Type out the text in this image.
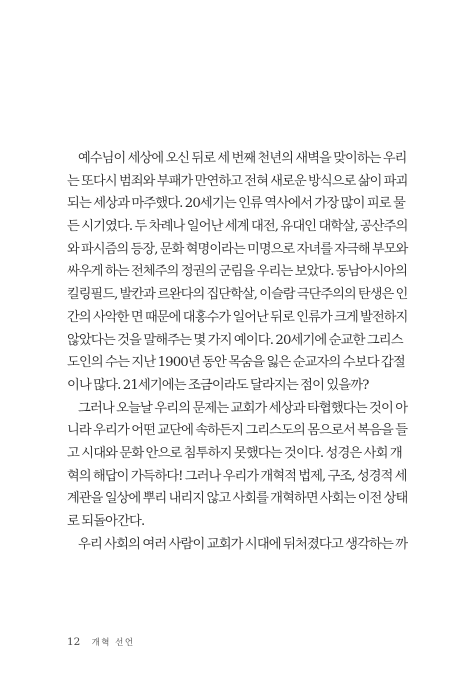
예수님이 세상에 오신 뒤로 세 번째 천년의 새벽을 맞이하는 우리
는 또다시 범죄와 부패가 만연하고 전혀 새로운 방식으로 삶이 파괴
되는 세상과 마주했다. 20세기는 인류 역사에서 가장 많이 피로 물
든 시기였다. 두 차례나 일어난 세계 대전, 유대인 대학살, 공산주의
와 파시즘의 등장, 문화 혁명이라는 미명으로 자녀를 자극해 부모와
싸우게 하는 전체주의 정권의 군림을 우리는 보았다. 동남아시아의
킬링필드, 발칸과 르완다의 집단학살, 이슬람 극단주의의 탄생은 인
간의 사악한 면 때문에 대홍수가 일어난 뒤로 인류가 크게 발전하지
않았다는 것을 말해주는 몇 가지 예이다. 20세기에 순교한 그리스
도인의 수는 지난 1900년 동안 목숨을 잃은 순교자의 수보다 갑절
이나 많다. 21세기에는 조금이라도 달라지는 점이 있을까?
그러나 오늘날 우리의 문제는 교회가 세상과 타협했다는 것이 아
니라 우리가 어떤 교단에 속하든지 그리스도의 몸으로서 복음을 들
고 시대와 문화 안으로 침투하지 못했다는 것이다. 성경은 사회 개
혁의 해답이 가득하다! 그러나 우리가 개혁적 법제, 구조, 성경적 세
계관을 일상에 뿌리 내리지 않고 사회를 개혁하면 사회는 이전 상태
로 되돌아간다.
우리 사회의 여러 사람이 교회가 시대에 뒤처졌다고 생각하는 까
12 개혁 선언
